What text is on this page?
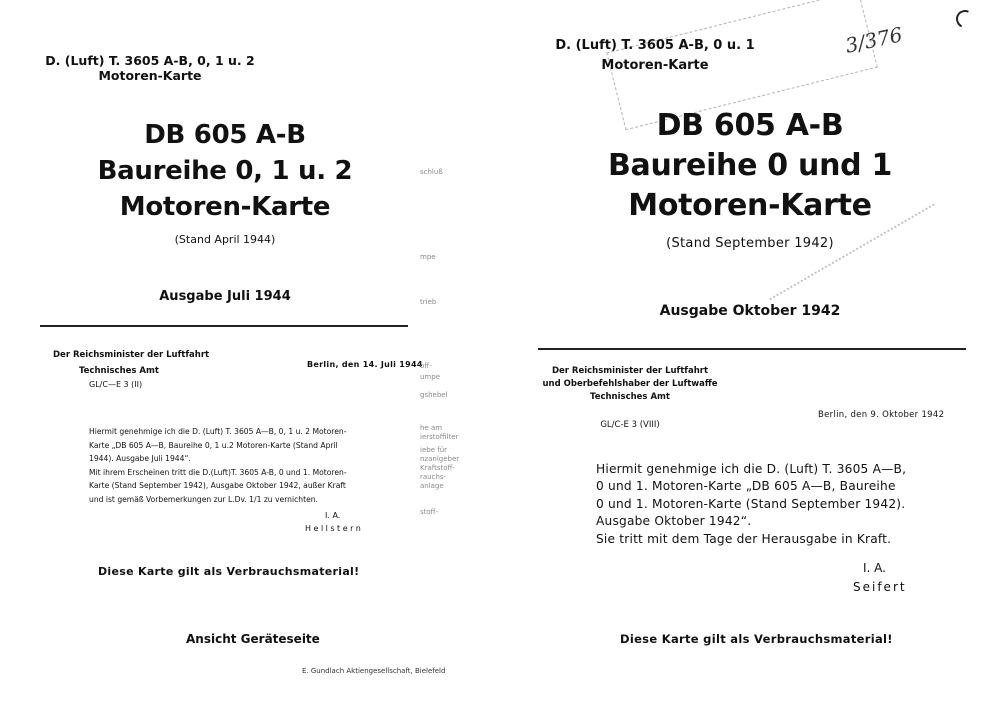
D. (Luft) T. 3605 A-B, 0, 1 u. 2
Motoren-Karte
DB 605 A-B
Baureihe 0, 1 u. 2
Motoren-Karte
(Stand April 1944)
Ausgabe Juli 1944
Der Reichsminister der Luftfahrt
Technisches Amt
GL/C—E 3 (II)
Berlin, den 14. Juli 1944
Hiermit genehmige ich die D. (Luft) T. 3605 A—B, 0, 1 u. 2 Motoren-
Karte „DB 605 A—B, Baureihe 0, 1 u.2 Motoren-Karte (Stand April
1944). Ausgabe Juli 1944“.
Mit ihrem Erscheinen tritt die D.(Luft)T. 3605 A-B, 0 und 1. Motoren-
Karte (Stand September 1942), Ausgabe Oktober 1942, außer Kraft
und ist gemäß Vorbemerkungen zur L.Dv. 1/1 zu vernichten.
I. A.
Hellstern
Diese Karte gilt als Verbrauchsmaterial!
Ansicht Geräteseite
E. Gundlach Aktiengesellschaft, Bielefeld
schluß
mpe
trieb
off-
umpe
gshebel
he am
ierstoffilter
iebe für
nzanlgeber
Kraftstoff-
rauchs-
anlage
stoff-
3/376
D. (Luft) T. 3605 A-B, 0 u. 1
Motoren-Karte
DB 605 A-B
Baureihe 0 und 1
Motoren-Karte
(Stand September 1942)
Ausgabe Oktober 1942
Der Reichsminister der Luftfahrt
und Oberbefehlshaber der Luftwaffe
Technisches Amt
GL/C-E 3 (VIII)
Berlin, den 9. Oktober 1942
Hiermit genehmige ich die D. (Luft) T. 3605 A—B,
0 und 1. Motoren-Karte „DB 605 A—B, Baureihe
0 und 1. Motoren-Karte (Stand September 1942).
Ausgabe Oktober 1942“.
Sie tritt mit dem Tage der Herausgabe in Kraft.
I. A.
Seifert
Diese Karte gilt als Verbrauchsmaterial!
